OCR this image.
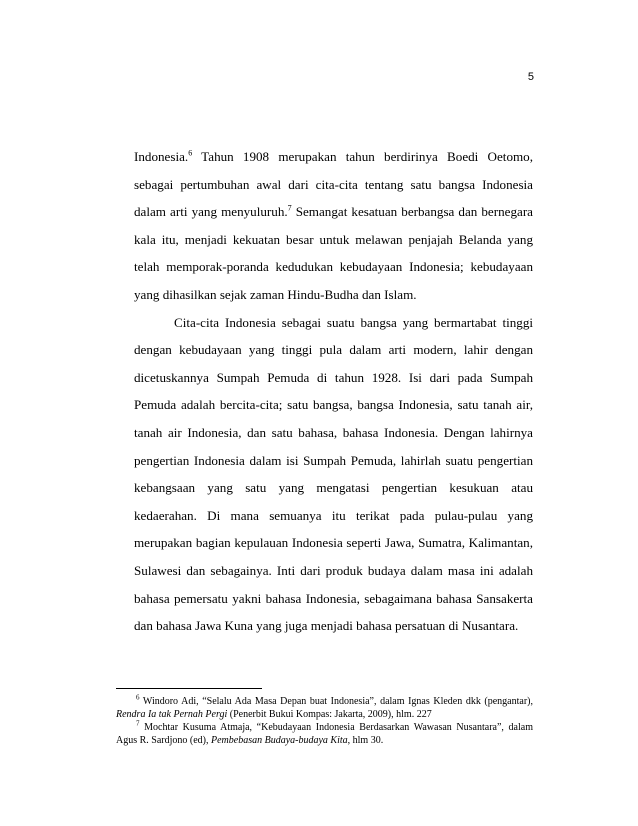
5

Indonesia.$^6$ Tahun 1908 merupakan tahun berdirinya Boedi Oetomo, sebagai pertumbuhan awal dari cita-cita tentang satu bangsa Indonesia dalam arti yang menyuluruh.$^7$ Semangat kesatuan berbangsa dan bernegara kala itu, menjadi kekuatan besar untuk melawan penjajah Belanda yang telah memporak-poranda kedudukan kebudayaan Indonesia; kebudayaan yang dihasilkan sejak zaman Hindu-Budha dan Islam.

Cita-cita Indonesia sebagai suatu bangsa yang bermartabat tinggi dengan kebudayaan yang tinggi pula dalam arti modern, lahir dengan dicetuskannya Sumpah Pemuda di tahun 1928. Isi dari pada Sumpah Pemuda adalah bercita-cita; satu bangsa, bangsa Indonesia, satu tanah air, tanah air Indonesia, dan satu bahasa, bahasa Indonesia. Dengan lahirnya pengertian Indonesia dalam isi Sumpah Pemuda, lahirlah suatu pengertian kebangsaan yang satu yang mengatasi pengertian kesukuan atau kedaerahan. Di mana semuanya itu terikat pada pulau-pulau yang merupakan bagian kepulauan Indonesia seperti Jawa, Sumatra, Kalimantan, Sulawesi dan sebagainya. Inti dari produk budaya dalam masa ini adalah bahasa pemersatu yakni bahasa Indonesia, sebagaimana bahasa Sansakerta dan bahasa Jawa Kuna yang juga menjadi bahasa persatuan di Nusantara.

$^6$ Windoro Adi, “Selalu Ada Masa Depan buat Indonesia”, dalam Ignas Kleden dkk (pengantar), Rendra Ia tak Pernah Pergi (Penerbit Bukui Kompas: Jakarta, 2009), hlm. 227

$^7$ Mochtar Kusuma Atmaja, “Kebudayaan Indonesia Berdasarkan Wawasan Nusantara”, dalam Agus R. Sardjono (ed), Pembebasan Budaya-budaya Kita, hlm 30.
